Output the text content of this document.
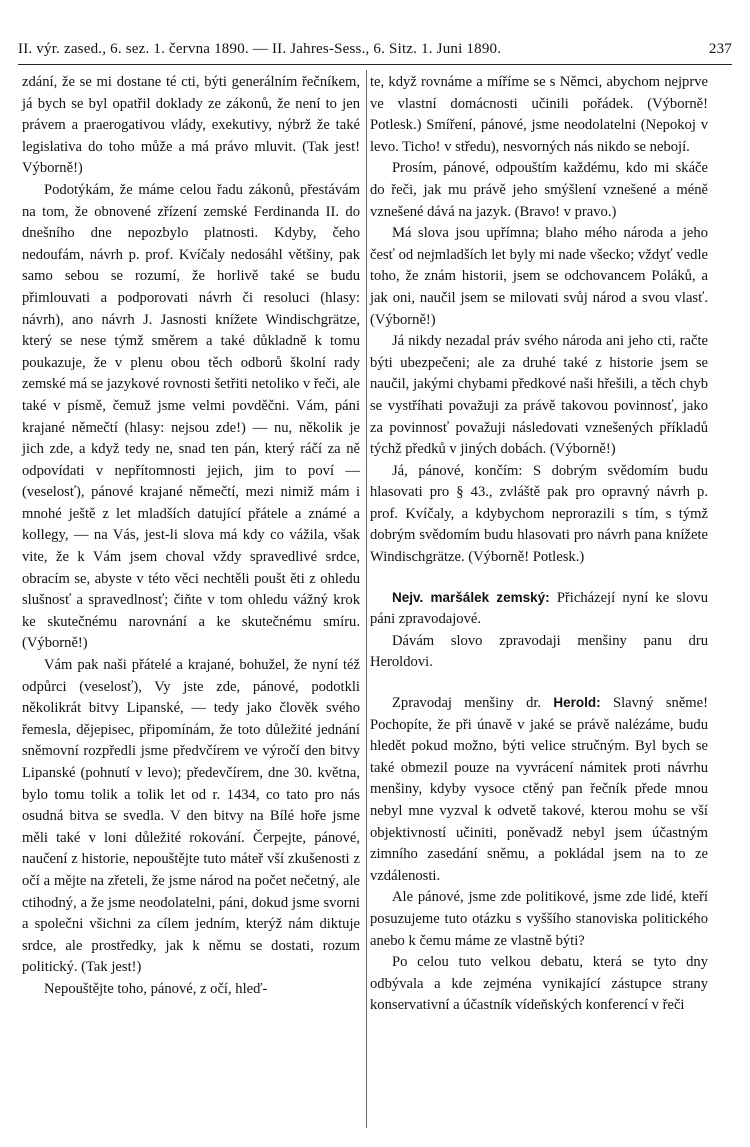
II. výr. zased., 6. sez. 1. června 1890. — II. Jahres-Sess., 6. Sitz. 1. Juni 1890.	237

zdání, že se mi dostane té cti, býti generálním řečníkem, já bych se byl opatřil doklady ze zákonů, že není to jen právem a praerogativou vlády, exekutivy, nýbrž že také legislativa do toho může a má právo mluvit. (Tak jest! Výborně!)

Podotýkám, že máme celou řadu zákonů, přestávám na tom, že obnovené zřízení zemské Ferdinanda II. do dnešního dne nepozbylo platnosti. Kdyby, čeho nedoufám, návrh p. prof. Kvíčaly nedosáhl většiny, pak samo sebou se rozumí, že horlivě také se budu přimlouvati a podporovati návrh či resoluci (hlasy: návrh), ano návrh J. Jasnosti knížete Windischgrätze, který se nese týmž směrem a také důkladně k tomu poukazuje, že v plenu obou těch odborů školní rady zemské má se jazykové rovnosti šetřiti netoliko v řeči, ale také v písmě, čemuž jsme velmi povděčni. Vám, páni krajané němečtí (hlasy: nejsou zde!) — nu, několik je jich zde, a když tedy ne, snad ten pán, který ráčí za ně odpovídati v nepřítomnosti jejich, jim to poví — (veselosť), pánové krajané němečtí, mezi nimiž mám i mnohé ještě z let mladších datující přátele a známé a kollegy, — na Vás, jest-li slova má kdy co vážila, však vite, že k Vám jsem choval vždy spravedlivé srdce, obracím se, abyste v této věci nechtěli poušt ěti z ohledu slušnosť a spravedlnosť; čiňte v tom ohledu vážný krok ke skutečnému narovnání a ke skutečnému smíru. (Výborně!)

Vám pak naši přátelé a krajané, bohužel, že nyní též odpůrci (veselosť), Vy jste zde, pánové, podotkli několikrát bitvy Lipanské, — tedy jako člověk svého řemesla, dějepisec, připomínám, že toto důležité jednání sněmovní rozpředli jsme předvčírem ve výročí den bitvy Lipanské (pohnutí v levo); předevčírem, dne 30. května, bylo tomu tolik a tolik let od r. 1434, co tato pro nás osudná bitva se svedla. V den bitvy na Bílé hoře jsme měli také v loni důležité rokování. Čerpejte, pánové, naučení z historie, nepouštějte tuto máteř vší zkušenosti z očí a mějte na zřeteli, že jsme národ na počet nečetný, ale ctihodný, a že jsme neodolatelni, páni, dokud jsme svorni a společni všichni za cílem jedním, kterýž nám diktuje srdce, ale prostředky, jak k němu se dostati, rozum politický. (Tak jest!)

Nepouštějte toho, pánové, z očí, hleď-

te, když rovnáme a míříme se s Němci, abychom nejprve ve vlastní domácnosti učinili pořádek. (Výborně! Potlesk.) Smíření, pánové, jsme neodolatelni (Nepokoj v levo. Ticho! v středu), nesvorných nás nikdo se nebojí.

Prosím, pánové, odpouštím každému, kdo mi skáče do řeči, jak mu právě jeho smýšlení vznešené a méně vznešené dává na jazyk. (Bravo! v pravo.)

Má slova jsou upřímna; blaho mého národa a jeho česť od nejmladších let byly mi nade všecko; vždyť vedle toho, že znám historii, jsem se odchovancem Poláků, a jak oni, naučil jsem se milovati svůj národ a svou vlasť. (Výborně!)

Já nikdy nezadal práv svého národa ani jeho cti, račte býti ubezpečeni; ale za druhé také z historie jsem se naučil, jakými chybami předkové naši hřešili, a těch chyb se vystříhati považuji za právě takovou povinnosť, jako za povinnosť považuji následovati vznešených příkladů týchž předků v jiných dobách. (Výborně!)

Já, pánové, končím: S dobrým svědomím budu hlasovati pro § 43., zvláště pak pro opravný návrh p. prof. Kvíčaly, a kdybychom neprorazili s tím, s týmž dobrým svědomím budu hlasovati pro návrh pana knížete Windischgrätze. (Výborně! Potlesk.)

Nejv. maršálek zemský: Přicházejí nyní ke slovu páni zpravodajové.

Dávám slovo zpravodaji menšiny panu dru Heroldovi.

Zpravodaj menšiny dr. Herold: Slavný sněme! Pochopíte, že při únavě v jaké se právě nalézáme, budu hledět pokud možno, býti velice stručným. Byl bych se také obmezil pouze na vyvrácení námitek proti návrhu menšiny, kdyby vysoce ctěný pan řečník přede mnou nebyl mne vyzval k odvetě takové, kterou mohu se vší objektivností učiniti, poněvadž nebyl jsem účastným zimního zasedání sněmu, a pokládal jsem na to ze vzdálenosti.

Ale pánové, jsme zde politikové, jsme zde lidé, kteří posuzujeme tuto otázku s vyššího stanoviska politického anebo k čemu máme ze vlastně býti?

Po celou tuto velkou debatu, která se tyto dny odbývala a kde zejména vynikající zástupce strany konservativní a účastník vídeňských konferencí v řeči
